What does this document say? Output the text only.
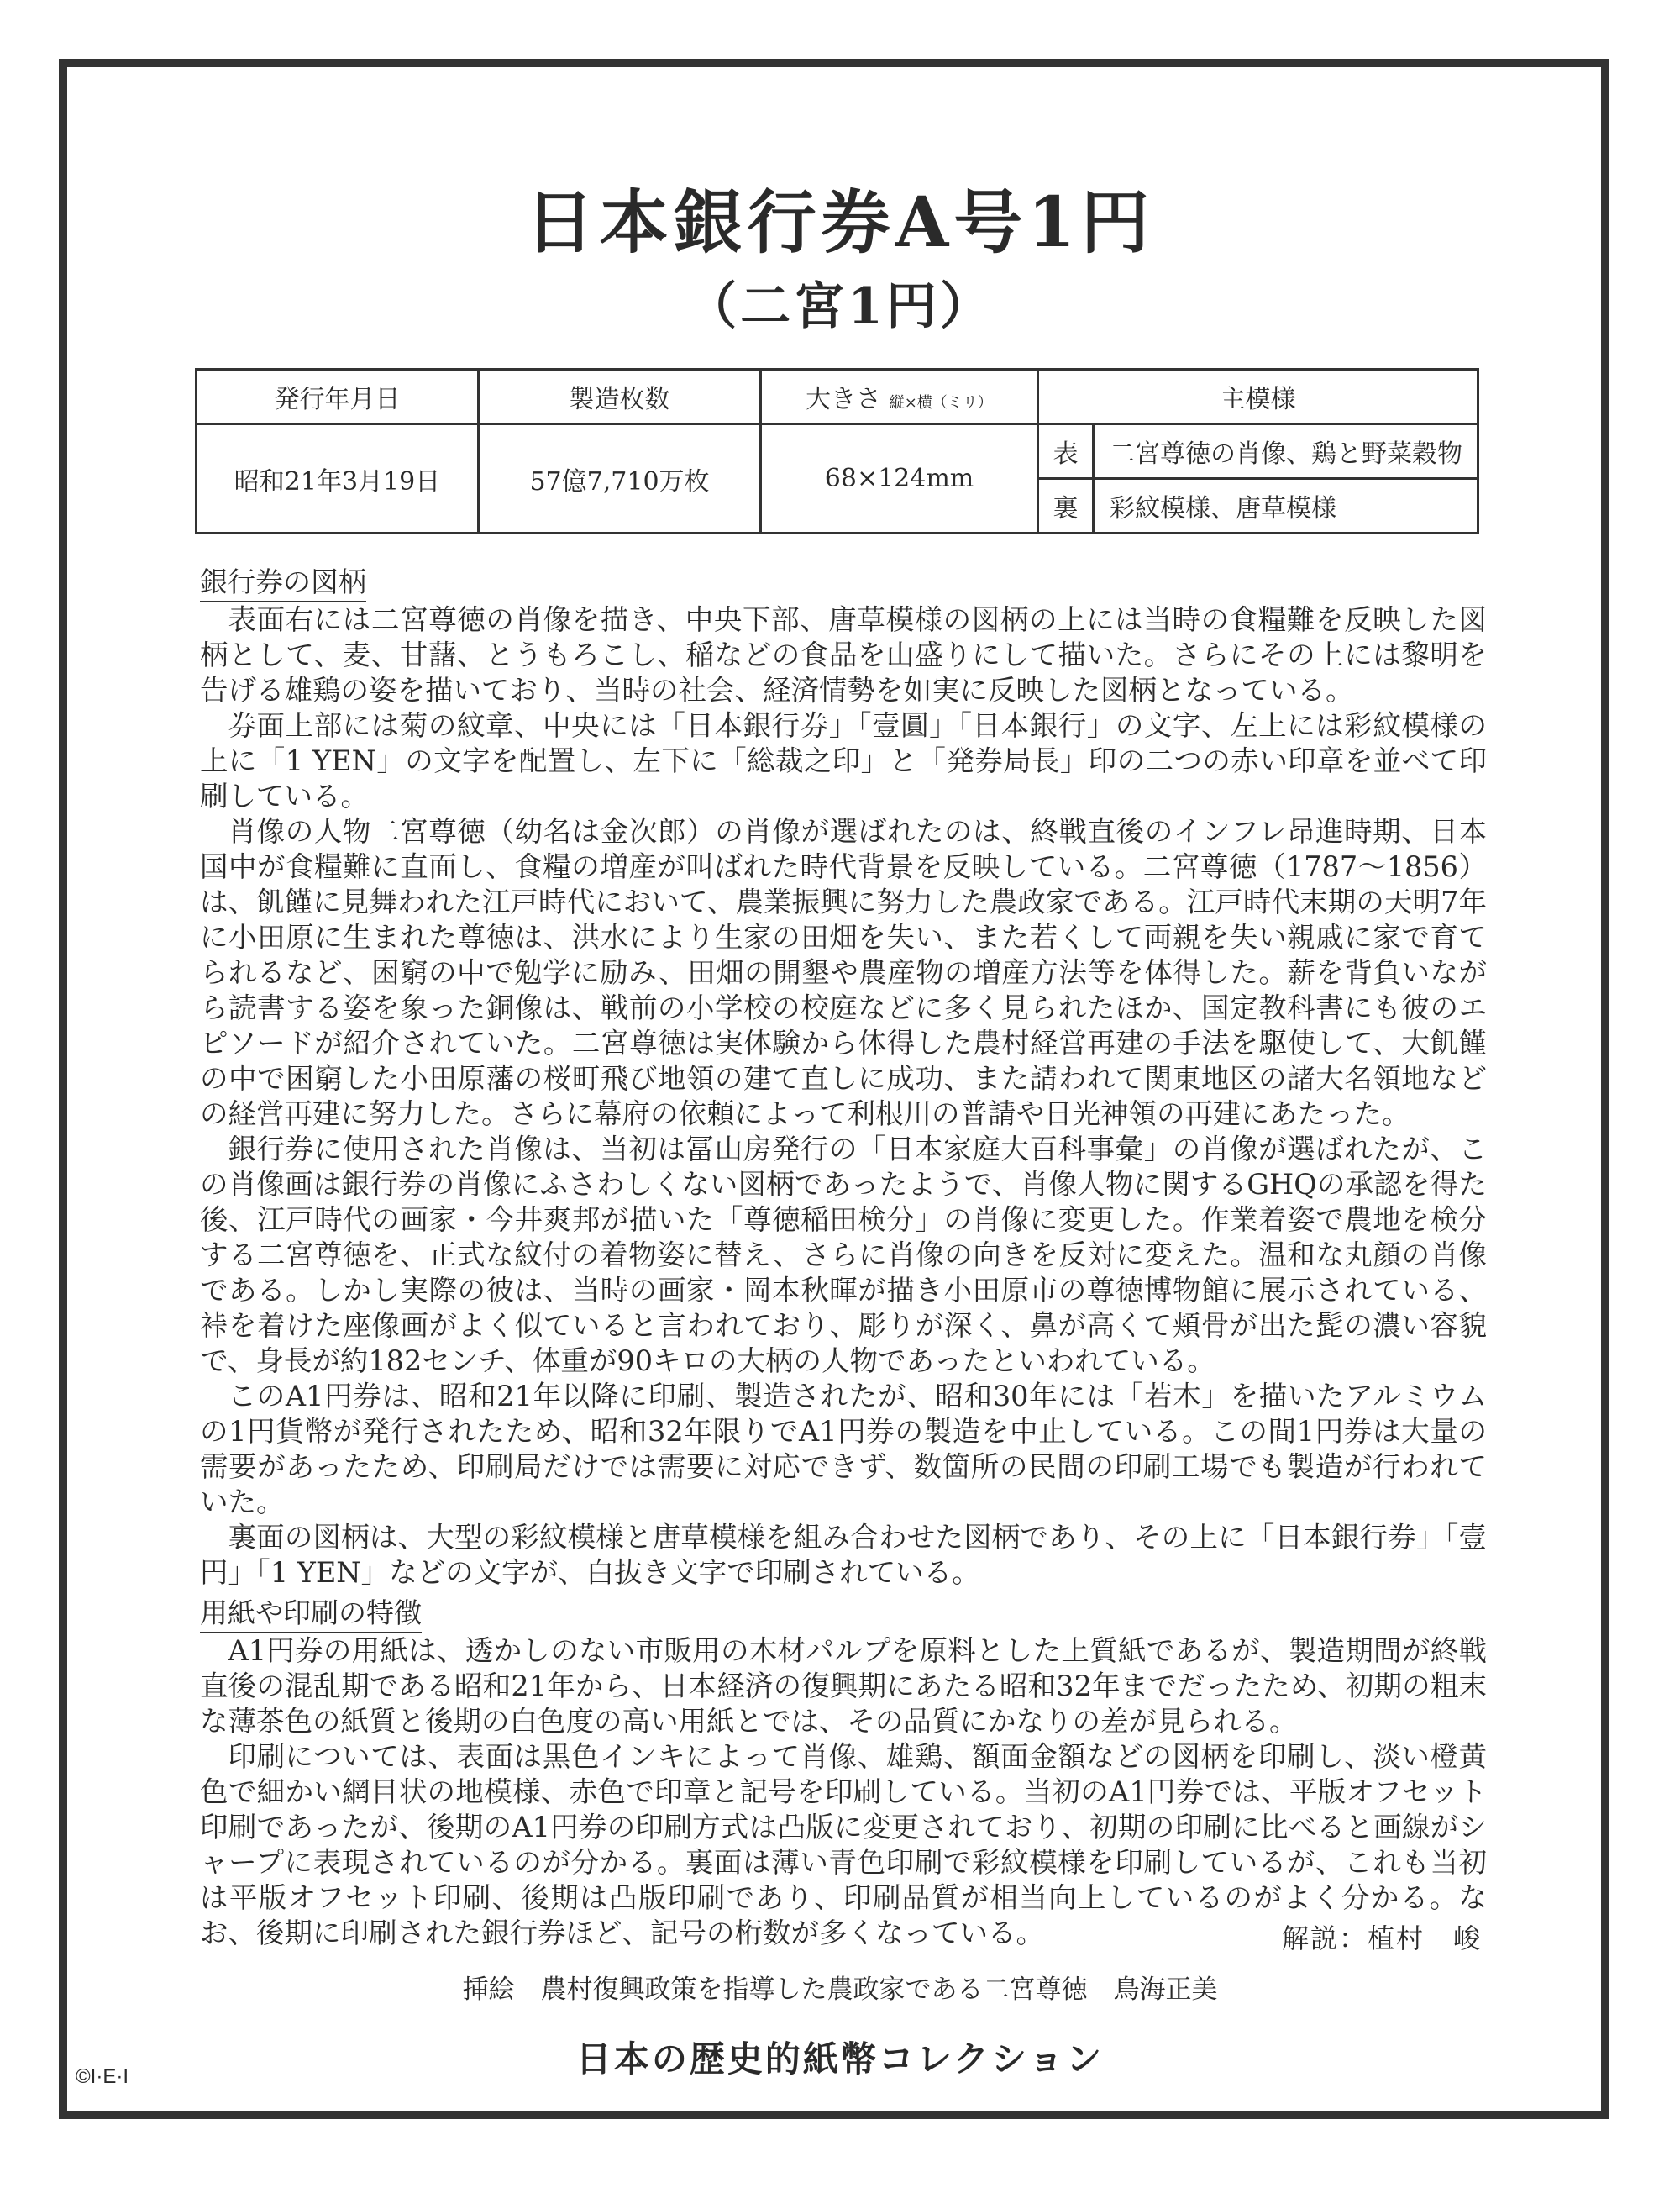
日本銀行券A号1円
（二宮1円）
発行年月日	製造枚数	大きさ 縦×横（ミリ）	主模様	
昭和21年3月19日	57億7,710万枚	68×124mm	表	二宮尊徳の肖像、鶏と野菜穀物
			裏	彩紋模様、唐草模様
銀行券の図柄

表面右には二宮尊徳の肖像を描き、中央下部、唐草模様の図柄の上には当時の食糧難を反映した図柄として、麦、甘藷、とうもろこし、稲などの食品を山盛りにして描いた。さらにその上には黎明を告げる雄鶏の姿を描いており、当時の社会、経済情勢を如実に反映した図柄となっている。

券面上部には菊の紋章、中央には「日本銀行券」「壹圓」「日本銀行」の文字、左上には彩紋模様の上に「1 YEN」の文字を配置し、左下に「総裁之印」と「発券局長」印の二つの赤い印章を並べて印刷している。

肖像の人物二宮尊徳（幼名は金次郎）の肖像が選ばれたのは、終戦直後のインフレ昂進時期、日本国中が食糧難に直面し、食糧の増産が叫ばれた時代背景を反映している。二宮尊徳（1787〜1856）は、飢饉に見舞われた江戸時代において、農業振興に努力した農政家である。江戸時代末期の天明7年に小田原に生まれた尊徳は、洪水により生家の田畑を失い、また若くして両親を失い親戚に家で育てられるなど、困窮の中で勉学に励み、田畑の開墾や農産物の増産方法等を体得した。薪を背負いながら読書する姿を象った銅像は、戦前の小学校の校庭などに多く見られたほか、国定教科書にも彼のエピソードが紹介されていた。二宮尊徳は実体験から体得した農村経営再建の手法を駆使して、大飢饉の中で困窮した小田原藩の桜町飛び地領の建て直しに成功、また請われて関東地区の諸大名領地などの経営再建に努力した。さらに幕府の依頼によって利根川の普請や日光神領の再建にあたった。

銀行券に使用された肖像は、当初は冨山房発行の「日本家庭大百科事彙」の肖像が選ばれたが、この肖像画は銀行券の肖像にふさわしくない図柄であったようで、肖像人物に関するGHQの承認を得た後、江戸時代の画家・今井爽邦が描いた「尊徳稲田検分」の肖像に変更した。作業着姿で農地を検分する二宮尊徳を、正式な紋付の着物姿に替え、さらに肖像の向きを反対に変えた。温和な丸顔の肖像である。しかし実際の彼は、当時の画家・岡本秋暉が描き小田原市の尊徳博物館に展示されている、裃を着けた座像画がよく似ていると言われており、彫りが深く、鼻が高くて頬骨が出た髭の濃い容貌で、身長が約182センチ、体重が90キロの大柄の人物であったといわれている。

このA1円券は、昭和21年以降に印刷、製造されたが、昭和30年には「若木」を描いたアルミウムの1円貨幣が発行されたため、昭和32年限りでA1円券の製造を中止している。この間1円券は大量の需要があったため、印刷局だけでは需要に対応できず、数箇所の民間の印刷工場でも製造が行われていた。

裏面の図柄は、大型の彩紋模様と唐草模様を組み合わせた図柄であり、その上に「日本銀行券」「壹円」「1 YEN」などの文字が、白抜き文字で印刷されている。

用紙や印刷の特徴

A1円券の用紙は、透かしのない市販用の木材パルプを原料とした上質紙であるが、製造期間が終戦直後の混乱期である昭和21年から、日本経済の復興期にあたる昭和32年までだったため、初期の粗末な薄茶色の紙質と後期の白色度の高い用紙とでは、その品質にかなりの差が見られる。

印刷については、表面は黒色インキによって肖像、雄鶏、額面金額などの図柄を印刷し、淡い橙黄色で細かい網目状の地模様、赤色で印章と記号を印刷している。当初のA1円券では、平版オフセット印刷であったが、後期のA1円券の印刷方式は凸版に変更されており、初期の印刷に比べると画線がシャープに表現されているのが分かる。裏面は薄い青色印刷で彩紋模様を印刷しているが、これも当初は平版オフセット印刷、後期は凸版印刷であり、印刷品質が相当向上しているのがよく分かる。なお、後期に印刷された銀行券ほど、記号の桁数が多くなっている。	解説：植村　峻
挿絵　農村復興政策を指導した農政家である二宮尊徳　鳥海正美
日本の歴史的紙幣コレクション
©I·E·I
